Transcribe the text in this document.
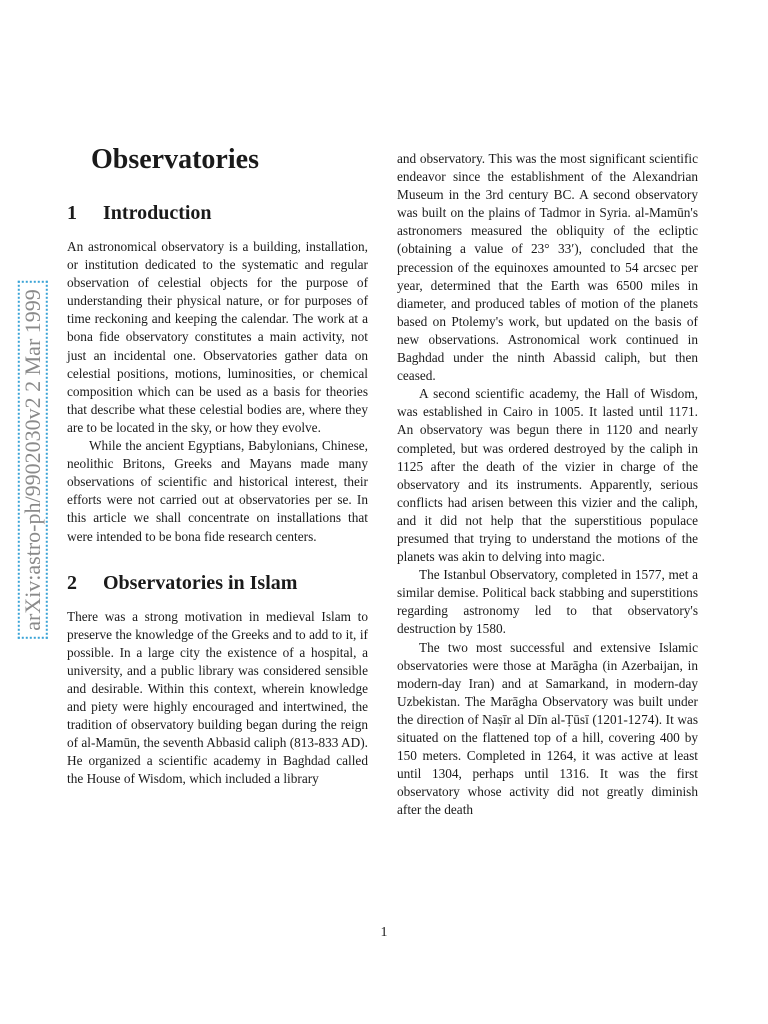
arXiv:astro-ph/9902030v2 2 Mar 1999
Observatories
1 Introduction

An astronomical observatory is a building, installation, or institution dedicated to the systematic and regular observation of celestial objects for the purpose of understanding their physical nature, or for purposes of time reckoning and keeping the calendar. The work at a bona fide observatory constitutes a main activity, not just an incidental one. Observatories gather data on celestial positions, motions, luminosities, or chemical composition which can be used as a basis for theories that describe what these celestial bodies are, where they are to be located in the sky, or how they evolve.

While the ancient Egyptians, Babylonians, Chinese, neolithic Britons, Greeks and Mayans made many observations of scientific and historical interest, their efforts were not carried out at observatories per se. In this article we shall concentrate on installations that were intended to be bona fide research centers.

2 Observatories in Islam

There was a strong motivation in medieval Islam to preserve the knowledge of the Greeks and to add to it, if possible. In a large city the existence of a hospital, a university, and a public library was considered sensible and desirable. Within this context, wherein knowledge and piety were highly encouraged and intertwined, the tradition of observatory building began during the reign of al-Mamūn, the seventh Abbasid caliph (813-833 AD). He organized a scientific academy in Baghdad called the House of Wisdom, which included a library

and observatory. This was the most significant scientific endeavor since the establishment of the Alexandrian Museum in the 3rd century BC. A second observatory was built on the plains of Tadmor in Syria. al-Mamūn's astronomers measured the obliquity of the ecliptic (obtaining a value of 23° 33′), concluded that the precession of the equinoxes amounted to 54 arcsec per year, determined that the Earth was 6500 miles in diameter, and produced tables of motion of the planets based on Ptolemy's work, but updated on the basis of new observations. Astronomical work continued in Baghdad under the ninth Abassid caliph, but then ceased.

A second scientific academy, the Hall of Wisdom, was established in Cairo in 1005. It lasted until 1171. An observatory was begun there in 1120 and nearly completed, but was ordered destroyed by the caliph in 1125 after the death of the vizier in charge of the observatory and its instruments. Apparently, serious conflicts had arisen between this vizier and the caliph, and it did not help that the superstitious populace presumed that trying to understand the motions of the planets was akin to delving into magic.

The Istanbul Observatory, completed in 1577, met a similar demise. Political back stabbing and superstitions regarding astronomy led to that observatory's destruction by 1580.

The two most successful and extensive Islamic observatories were those at Marāgha (in Azerbaijan, in modern-day Iran) and at Samarkand, in modern-day Uzbekistan. The Marāgha Observatory was built under the direction of Naṣīr al Dīn al-Ṭūsī (1201-1274). It was situated on the flattened top of a hill, covering 400 by 150 meters. Completed in 1264, it was active at least until 1304, perhaps until 1316. It was the first observatory whose activity did not greatly diminish after the death

1
